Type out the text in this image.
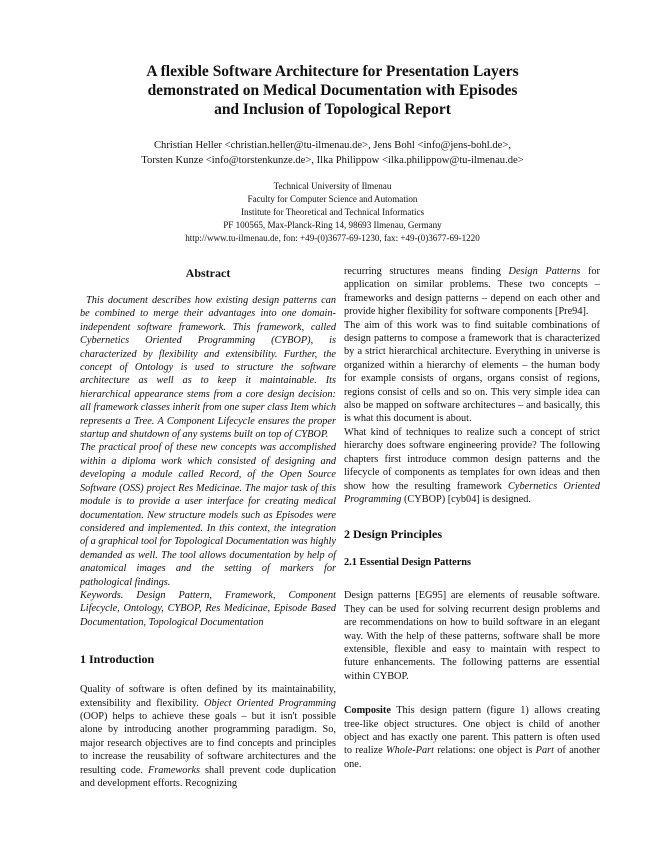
A flexible Software Architecture for Presentation Layers
demonstrated on Medical Documentation with Episodes
and Inclusion of Topological Report
Christian Heller <christian.heller@tu-ilmenau.de>, Jens Bohl <info@jens-bohl.de>,
Torsten Kunze <info@torstenkunze.de>, Ilka Philippow <ilka.philippow@tu-ilmenau.de>
Technical University of Ilmenau
Faculty for Computer Science and Automation
Institute for Theoretical and Technical Informatics
PF 100565, Max-Planck-Ring 14, 98693 Ilmenau, Germany
http://www.tu-ilmenau.de, fon: +49-(0)3677-69-1230, fax: +49-(0)3677-69-1220
Abstract

This document describes how existing design patterns can be combined to merge their advantages into one domain-independent software framework. This framework, called Cybernetics Oriented Programming (CYBOP), is characterized by flexibility and extensibility. Further, the concept of Ontology is used to structure the software architecture as well as to keep it maintainable. Its hierarchical appearance stems from a core design decision: all framework classes inherit from one super class Item which represents a Tree. A Component Lifecycle ensures the proper startup and shutdown of any systems built on top of CYBOP.

The practical proof of these new concepts was accomplished within a diploma work which consisted of designing and developing a module called Record, of the Open Source Software (OSS) project Res Medicinae. The major task of this module is to provide a user interface for creating medical documentation. New structure models such as Episodes were considered and implemented. In this context, the integration of a graphical tool for Topological Documentation was highly demanded as well. The tool allows documentation by help of anatomical images and the setting of markers for pathological findings.

Keywords. Design Pattern, Framework, Component Lifecycle, Ontology, CYBOP, Res Medicinae, Episode Based Documentation, Topological Documentation

1 Introduction

Quality of software is often defined by its maintainability, extensibility and flexibility. Object Oriented Programming (OOP) helps to achieve these goals – but it isn't possible alone by introducing another programming paradigm. So, major research objectives are to find concepts and principles to increase the reusability of software architectures and the resulting code. Frameworks shall prevent code duplication and development efforts. Recognizing

recurring structures means finding Design Patterns for application on similar problems. These two concepts – frameworks and design patterns – depend on each other and provide higher flexibility for software components [Pre94].

The aim of this work was to find suitable combinations of design patterns to compose a framework that is characterized by a strict hierarchical architecture. Everything in universe is organized within a hierarchy of elements – the human body for example consists of organs, organs consist of regions, regions consist of cells and so on. This very simple idea can also be mapped on software architectures – and basically, this is what this document is about.

What kind of techniques to realize such a concept of strict hierarchy does software engineering provide? The following chapters first introduce common design patterns and the lifecycle of components as templates for own ideas and then show how the resulting framework Cybernetics Oriented Programming (CYBOP) [cyb04] is designed.

2 Design Principles
2.1 Essential Design Patterns

Design patterns [EG95] are elements of reusable software. They can be used for solving recurrent design problems and are recommendations on how to build software in an elegant way. With the help of these patterns, software shall be more extensible, flexible and easy to maintain with respect to future enhancements. The following patterns are essential within CYBOP.

Composite This design pattern (figure 1) allows creating tree-like object structures. One object is child of another object and has exactly one parent. This pattern is often used to realize Whole-Part relations: one object is Part of another one.
